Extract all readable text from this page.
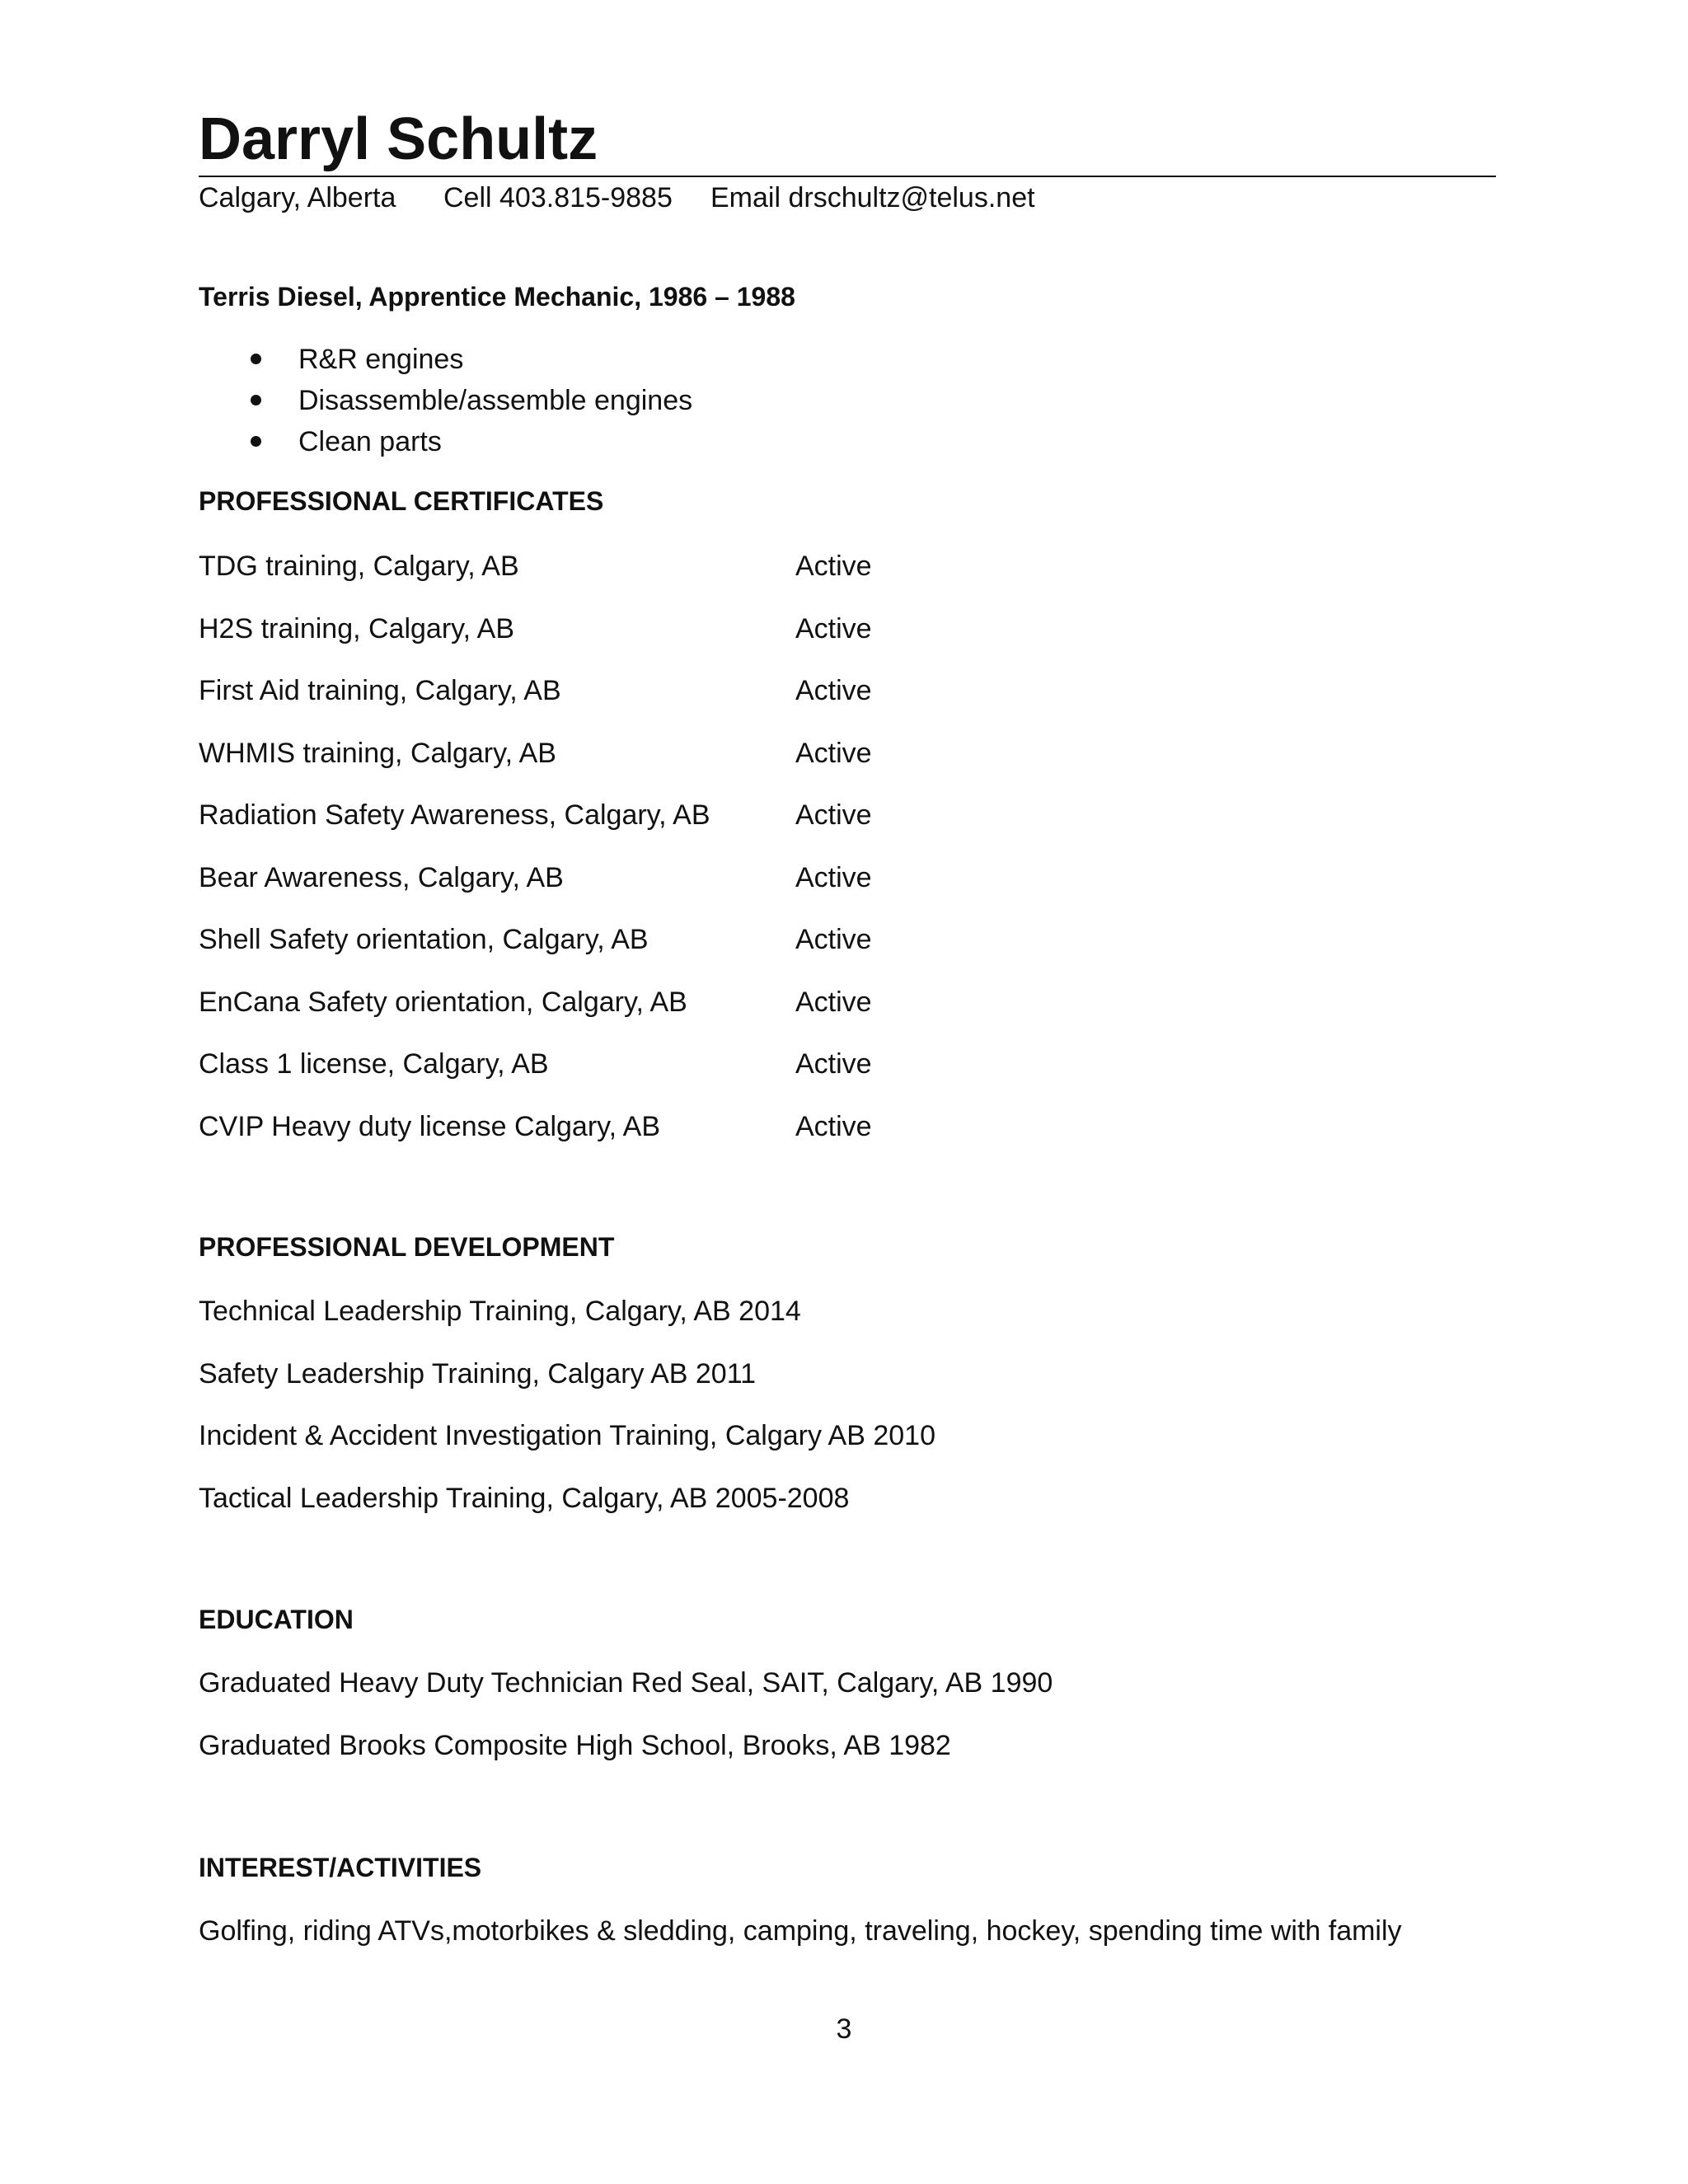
Darryl Schultz
Calgary, Alberta Cell 403.815-9885 Email drschultz@telus.net
Terris Diesel, Apprentice Mechanic, 1986 – 1988
R&R engines
Disassemble/assemble engines
Clean parts
PROFESSIONAL CERTIFICATES
TDG training, Calgary, AB	Active
H2S training, Calgary, AB	Active
First Aid training, Calgary, AB	Active
WHMIS training, Calgary, AB	Active
Radiation Safety Awareness, Calgary, AB	Active
Bear Awareness, Calgary, AB	Active
Shell Safety orientation, Calgary, AB	Active
EnCana Safety orientation, Calgary, AB	Active
Class 1 license, Calgary, AB	Active
CVIP Heavy duty license Calgary, AB	Active
PROFESSIONAL DEVELOPMENT
Technical Leadership Training, Calgary, AB 2014
Safety Leadership Training, Calgary AB 2011
Incident & Accident Investigation Training, Calgary AB 2010
Tactical Leadership Training, Calgary, AB 2005-2008
EDUCATION
Graduated Heavy Duty Technician Red Seal, SAIT, Calgary, AB 1990
Graduated Brooks Composite High School, Brooks, AB 1982
INTEREST/ACTIVITIES
Golfing, riding ATVs,motorbikes & sledding, camping, traveling, hockey, spending time with family
3
